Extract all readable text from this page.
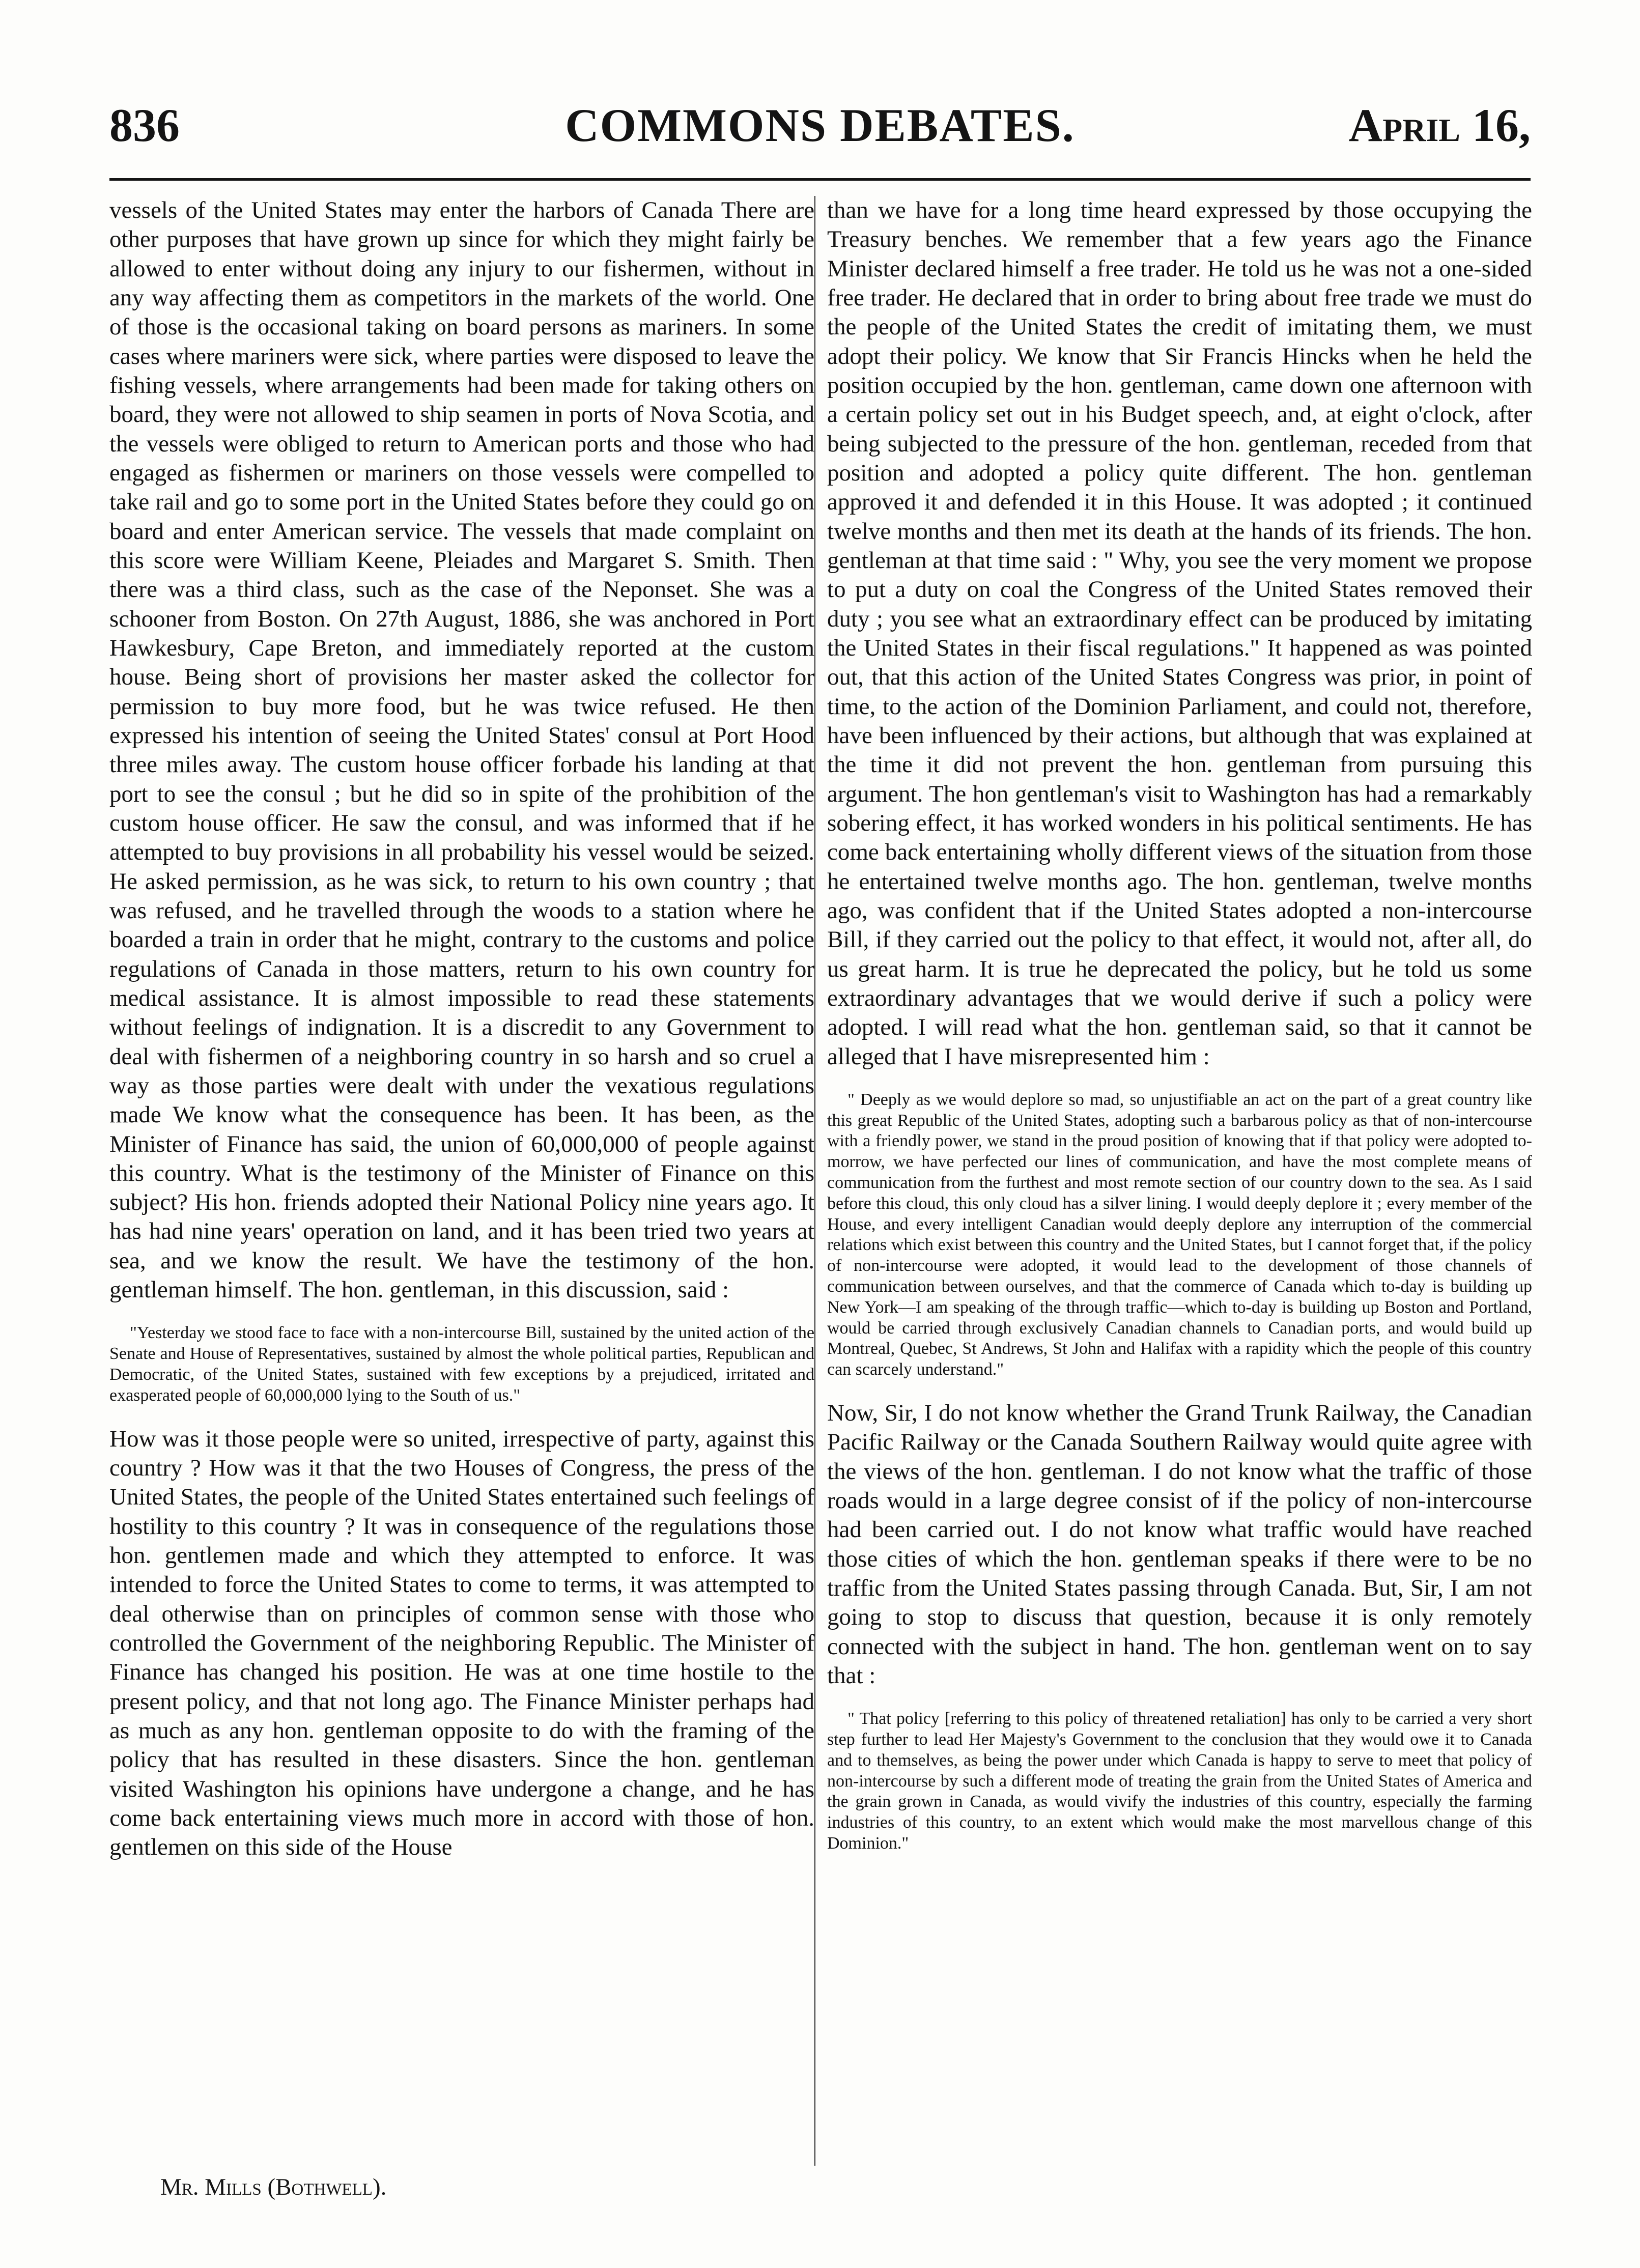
836	COMMONS DEBATES.	April 16,

vessels of the United States may enter the harbors of Canada There are other purposes that have grown up since for which they might fairly be allowed to enter without doing any injury to our fishermen, without in any way affecting them as competitors in the markets of the world. One of those is the occasional taking on board persons as mariners. In some cases where mariners were sick, where parties were disposed to leave the fishing vessels, where arrangements had been made for taking others on board, they were not allowed to ship seamen in ports of Nova Scotia, and the vessels were obliged to return to American ports and those who had engaged as fishermen or mariners on those vessels were compelled to take rail and go to some port in the United States before they could go on board and enter American service. The vessels that made complaint on this score were William Keene, Pleiades and Margaret S. Smith. Then there was a third class, such as the case of the Neponset. She was a schooner from Boston. On 27th August, 1886, she was anchored in Port Hawkesbury, Cape Breton, and immediately reported at the custom house. Being short of provisions her master asked the collector for permission to buy more food, but he was twice refused. He then expressed his intention of seeing the United States' consul at Port Hood three miles away. The custom house officer forbade his landing at that port to see the consul ; but he did so in spite of the prohibition of the custom house officer. He saw the consul, and was informed that if he attempted to buy provisions in all probability his vessel would be seized. He asked permission, as he was sick, to return to his own country ; that was refused, and he travelled through the woods to a station where he boarded a train in order that he might, contrary to the customs and police regulations of Canada in those matters, return to his own country for medical assistance. It is almost impossible to read these statements without feelings of indignation. It is a discredit to any Government to deal with fishermen of a neighboring country in so harsh and so cruel a way as those parties were dealt with under the vexatious regulations made We know what the consequence has been. It has been, as the Minister of Finance has said, the union of 60,000,000 of people against this country. What is the testimony of the Minister of Finance on this subject? His hon. friends adopted their National Policy nine years ago. It has had nine years' operation on land, and it has been tried two years at sea, and we know the result. We have the testimony of the hon. gentleman himself. The hon. gentleman, in this discussion, said :

"Yesterday we stood face to face with a non-intercourse Bill, sustained by the united action of the Senate and House of Representatives, sustained by almost the whole political parties, Republican and Democratic, of the United States, sustained with few exceptions by a prejudiced, irritated and exasperated people of 60,000,000 lying to the South of us."

How was it those people were so united, irrespective of party, against this country ? How was it that the two Houses of Congress, the press of the United States, the people of the United States entertained such feelings of hostility to this country ? It was in consequence of the regulations those hon. gentlemen made and which they attempted to enforce. It was intended to force the United States to come to terms, it was attempted to deal otherwise than on principles of common sense with those who controlled the Government of the neighboring Republic. The Minister of Finance has changed his position. He was at one time hostile to the present policy, and that not long ago. The Finance Minister perhaps had as much as any hon. gentleman opposite to do with the framing of the policy that has resulted in these disasters. Since the hon. gentleman visited Washington his opinions have undergone a change, and he has come back entertaining views much more in accord with those of hon. gentlemen on this side of the House

than we have for a long time heard expressed by those occupying the Treasury benches. We remember that a few years ago the Finance Minister declared himself a free trader. He told us he was not a one-sided free trader. He declared that in order to bring about free trade we must do the people of the United States the credit of imitating them, we must adopt their policy. We know that Sir Francis Hincks when he held the position occupied by the hon. gentleman, came down one afternoon with a certain policy set out in his Budget speech, and, at eight o'clock, after being subjected to the pressure of the hon. gentleman, receded from that position and adopted a policy quite different. The hon. gentleman approved it and defended it in this House. It was adopted ; it continued twelve months and then met its death at the hands of its friends. The hon. gentleman at that time said : " Why, you see the very moment we propose to put a duty on coal the Congress of the United States removed their duty ; you see what an extraordinary effect can be produced by imitating the United States in their fiscal regulations." It happened as was pointed out, that this action of the United States Congress was prior, in point of time, to the action of the Dominion Parliament, and could not, therefore, have been influenced by their actions, but although that was explained at the time it did not prevent the hon. gentleman from pursuing this argument. The hon gentleman's visit to Washington has had a remarkably sobering effect, it has worked wonders in his political sentiments. He has come back entertaining wholly different views of the situation from those he entertained twelve months ago. The hon. gentleman, twelve months ago, was confident that if the United States adopted a non-intercourse Bill, if they carried out the policy to that effect, it would not, after all, do us great harm. It is true he deprecated the policy, but he told us some extraordinary advantages that we would derive if such a policy were adopted. I will read what the hon. gentleman said, so that it cannot be alleged that I have misrepresented him :

" Deeply as we would deplore so mad, so unjustifiable an act on the part of a great country like this great Republic of the United States, adopting such a barbarous policy as that of non-intercourse with a friendly power, we stand in the proud position of knowing that if that policy were adopted to-morrow, we have perfected our lines of communication, and have the most complete means of communication from the furthest and most remote section of our country down to the sea. As I said before this cloud, this only cloud has a silver lining. I would deeply deplore it ; every member of the House, and every intelligent Canadian would deeply deplore any interruption of the commercial relations which exist between this country and the United States, but I cannot forget that, if the policy of non-intercourse were adopted, it would lead to the development of those channels of communication between ourselves, and that the commerce of Canada which to-day is building up New York—I am speaking of the through traffic—which to-day is building up Boston and Portland, would be carried through exclusively Canadian channels to Canadian ports, and would build up Montreal, Quebec, St Andrews, St John and Halifax with a rapidity which the people of this country can scarcely understand."

Now, Sir, I do not know whether the Grand Trunk Railway, the Canadian Pacific Railway or the Canada Southern Railway would quite agree with the views of the hon. gentleman. I do not know what the traffic of those roads would in a large degree consist of if the policy of non-intercourse had been carried out. I do not know what traffic would have reached those cities of which the hon. gentleman speaks if there were to be no traffic from the United States passing through Canada. But, Sir, I am not going to stop to discuss that question, because it is only remotely connected with the subject in hand. The hon. gentleman went on to say that :

" That policy [referring to this policy of threatened retaliation] has only to be carried a very short step further to lead Her Majesty's Government to the conclusion that they would owe it to Canada and to themselves, as being the power under which Canada is happy to serve to meet that policy of non-intercourse by such a different mode of treating the grain from the United States of America and the grain grown in Canada, as would vivify the industries of this country, especially the farming industries of this country, to an extent which would make the most marvellous change of this Dominion."

Mr. Mills (Bothwell).
